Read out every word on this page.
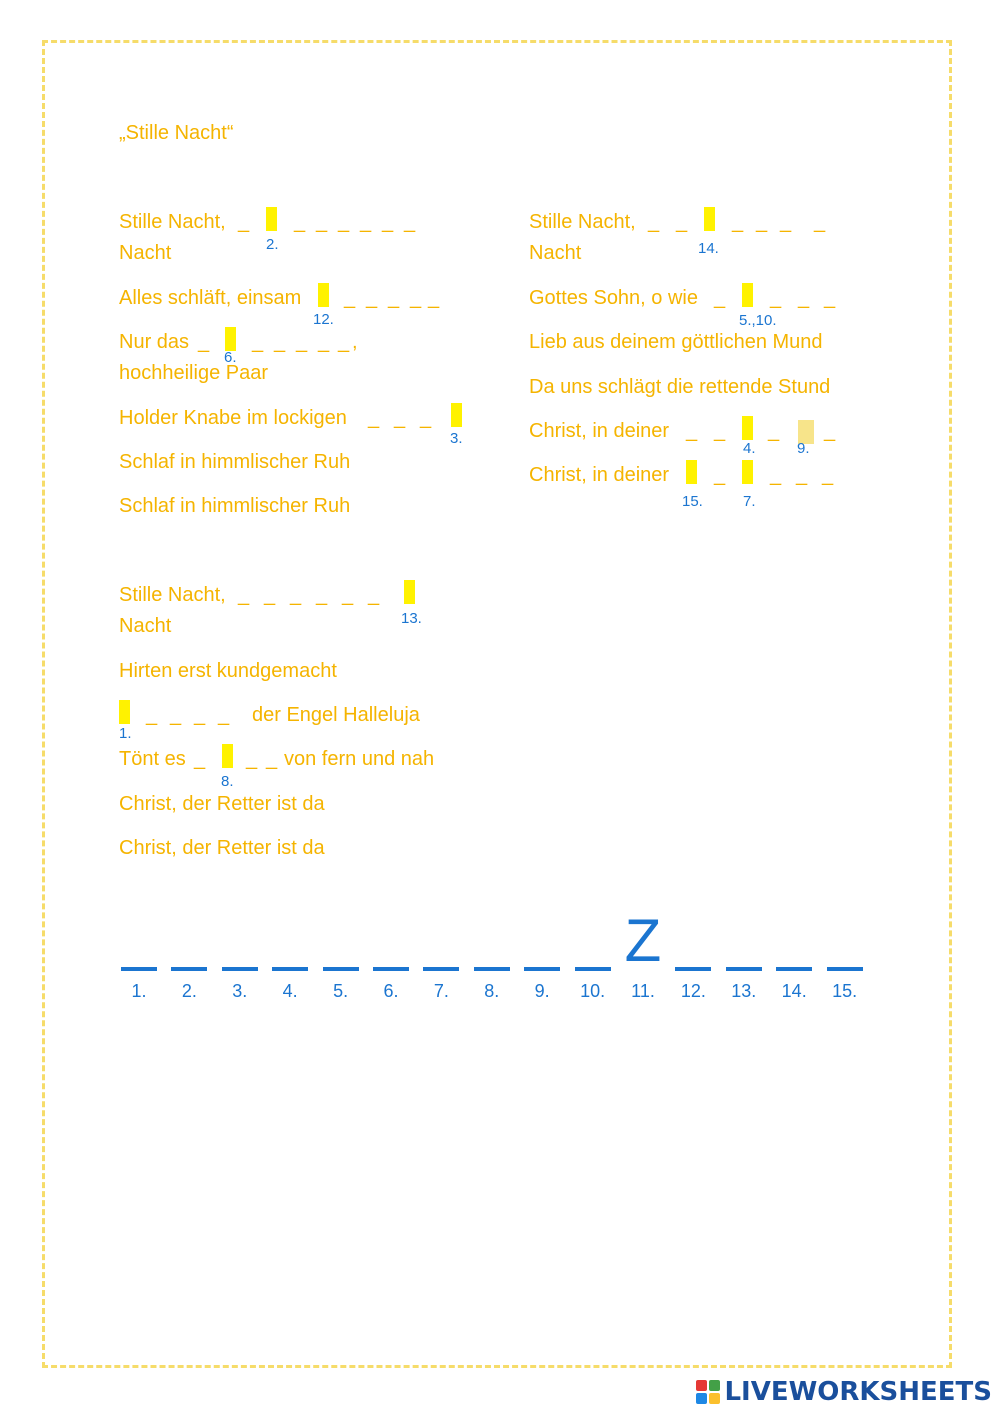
„Stille Nacht“
Stille Nacht, _ _ _ _ _ _ _
2.
Nacht
Alles schläft, einsam _ _ _ _ _
12.
Nur das _ _ _ _ _ _ ,
6.
hochheilige Paar
Holder Knabe im lockigen _ _ _
3.
Schlaf in himmlischer Ruh
Schlaf in himmlischer Ruh
Stille Nacht, _ _ _ _ _ _
14.
Nacht
Gottes Sohn, o wie _ _ _ _
5.,10.
Lieb aus deinem göttlichen Mund
Da uns schlägt die rettende Stund
Christ, in deiner _ _ _ _
4.	9.
Christ, in deiner _ _ _ _
15.	7.
Stille Nacht, _ _ _ _ _ _
13.
Nacht
Hirten erst kundgemacht
_ _ _ _ der Engel Halleluja
1.
Tönt es _ _ _ von fern und nah
8.
Christ, der Retter ist da
Christ, der Retter ist da
1.	2.	3.	4.	5.	6.	7.	8.	9.	10.
Z
11.	12.	13.	14.	15.
LIVEWORKSHEETS
